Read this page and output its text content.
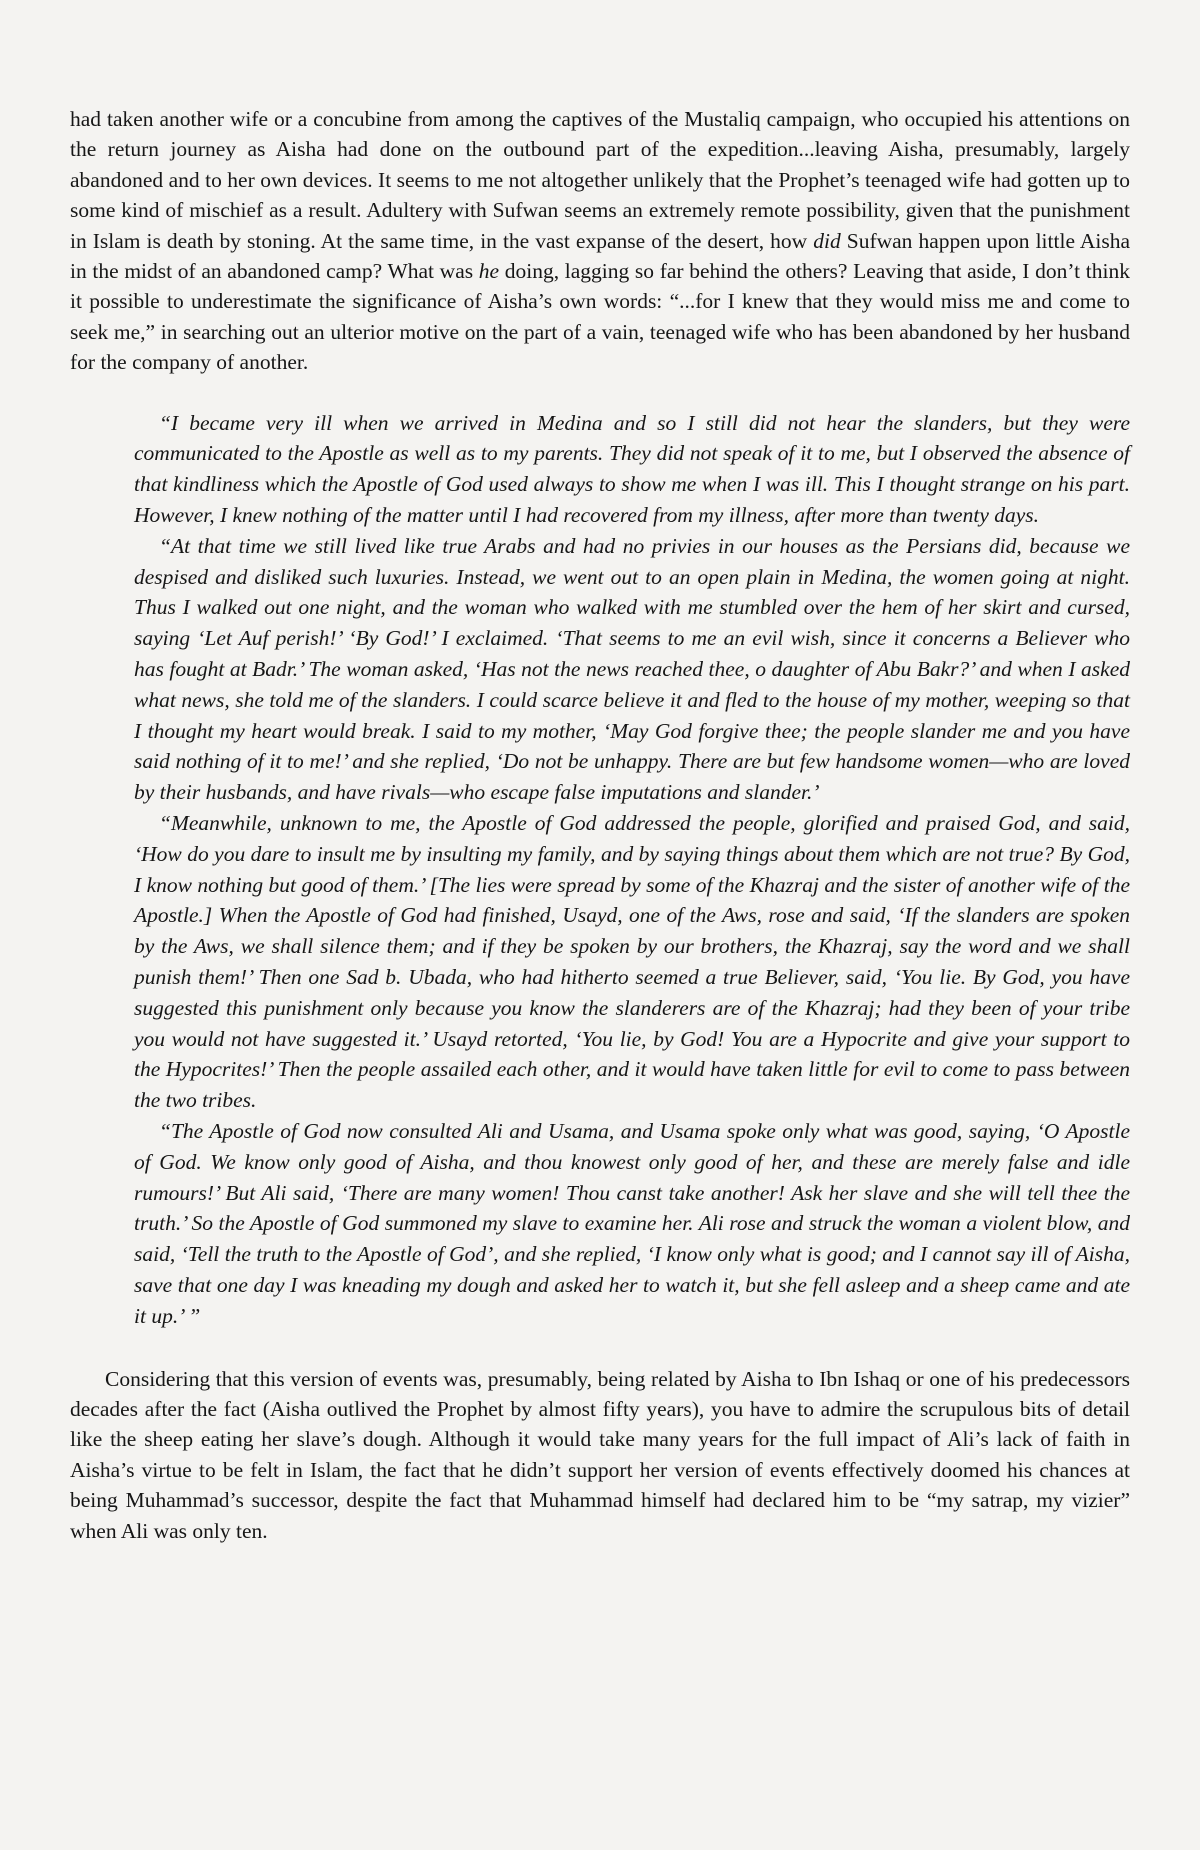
had taken another wife or a concubine from among the captives of the Mustaliq campaign, who occupied his attentions on the return journey as Aisha had done on the outbound part of the expedition...leaving Aisha, presumably, largely abandoned and to her own devices. It seems to me not altogether unlikely that the Prophet’s teenaged wife had gotten up to some kind of mischief as a result. Adultery with Sufwan seems an extremely remote possibility, given that the punishment in Islam is death by stoning. At the same time, in the vast expanse of the desert, how did Sufwan happen upon little Aisha in the midst of an abandoned camp? What was he doing, lagging so far behind the others? Leaving that aside, I don’t think it possible to underestimate the significance of Aisha’s own words: “...for I knew that they would miss me and come to seek me,” in searching out an ulterior motive on the part of a vain, teenaged wife who has been abandoned by her husband for the company of another.

“I became very ill when we arrived in Medina and so I still did not hear the slanders, but they were communicated to the Apostle as well as to my parents. They did not speak of it to me, but I observed the absence of that kindliness which the Apostle of God used always to show me when I was ill. This I thought strange on his part. However, I knew nothing of the matter until I had recovered from my illness, after more than twenty days.

“At that time we still lived like true Arabs and had no privies in our houses as the Persians did, because we despised and disliked such luxuries. Instead, we went out to an open plain in Medina, the women going at night. Thus I walked out one night, and the woman who walked with me stumbled over the hem of her skirt and cursed, saying ‘Let Auf perish!’ ‘By God!’ I exclaimed. ‘That seems to me an evil wish, since it concerns a Believer who has fought at Badr.’ The woman asked, ‘Has not the news reached thee, o daughter of Abu Bakr?’ and when I asked what news, she told me of the slanders. I could scarce believe it and fled to the house of my mother, weeping so that I thought my heart would break. I said to my mother, ‘May God forgive thee; the people slander me and you have said nothing of it to me!’ and she replied, ‘Do not be unhappy. There are but few handsome women—who are loved by their husbands, and have rivals—who escape false imputations and slander.’

“Meanwhile, unknown to me, the Apostle of God addressed the people, glorified and praised God, and said, ‘How do you dare to insult me by insulting my family, and by saying things about them which are not true? By God, I know nothing but good of them.’ [The lies were spread by some of the Khazraj and the sister of another wife of the Apostle.] When the Apostle of God had finished, Usayd, one of the Aws, rose and said, ‘If the slanders are spoken by the Aws, we shall silence them; and if they be spoken by our brothers, the Khazraj, say the word and we shall punish them!’ Then one Sad b. Ubada, who had hitherto seemed a true Believer, said, ‘You lie. By God, you have suggested this punishment only because you know the slanderers are of the Khazraj; had they been of your tribe you would not have suggested it.’ Usayd retorted, ‘You lie, by God! You are a Hypocrite and give your support to the Hypocrites!’ Then the people assailed each other, and it would have taken little for evil to come to pass between the two tribes.

“The Apostle of God now consulted Ali and Usama, and Usama spoke only what was good, saying, ‘O Apostle of God. We know only good of Aisha, and thou knowest only good of her, and these are merely false and idle rumours!’ But Ali said, ‘There are many women! Thou canst take another! Ask her slave and she will tell thee the truth.’ So the Apostle of God summoned my slave to examine her. Ali rose and struck the woman a violent blow, and said, ‘Tell the truth to the Apostle of God’, and she replied, ‘I know only what is good; and I cannot say ill of Aisha, save that one day I was kneading my dough and asked her to watch it, but she fell asleep and a sheep came and ate it up.’ ”

Considering that this version of events was, presumably, being related by Aisha to Ibn Ishaq or one of his predecessors decades after the fact (Aisha outlived the Prophet by almost fifty years), you have to admire the scrupulous bits of detail like the sheep eating her slave’s dough. Although it would take many years for the full impact of Ali’s lack of faith in Aisha’s virtue to be felt in Islam, the fact that he didn’t support her version of events effectively doomed his chances at being Muhammad’s successor, despite the fact that Muhammad himself had declared him to be “my satrap, my vizier” when Ali was only ten.
